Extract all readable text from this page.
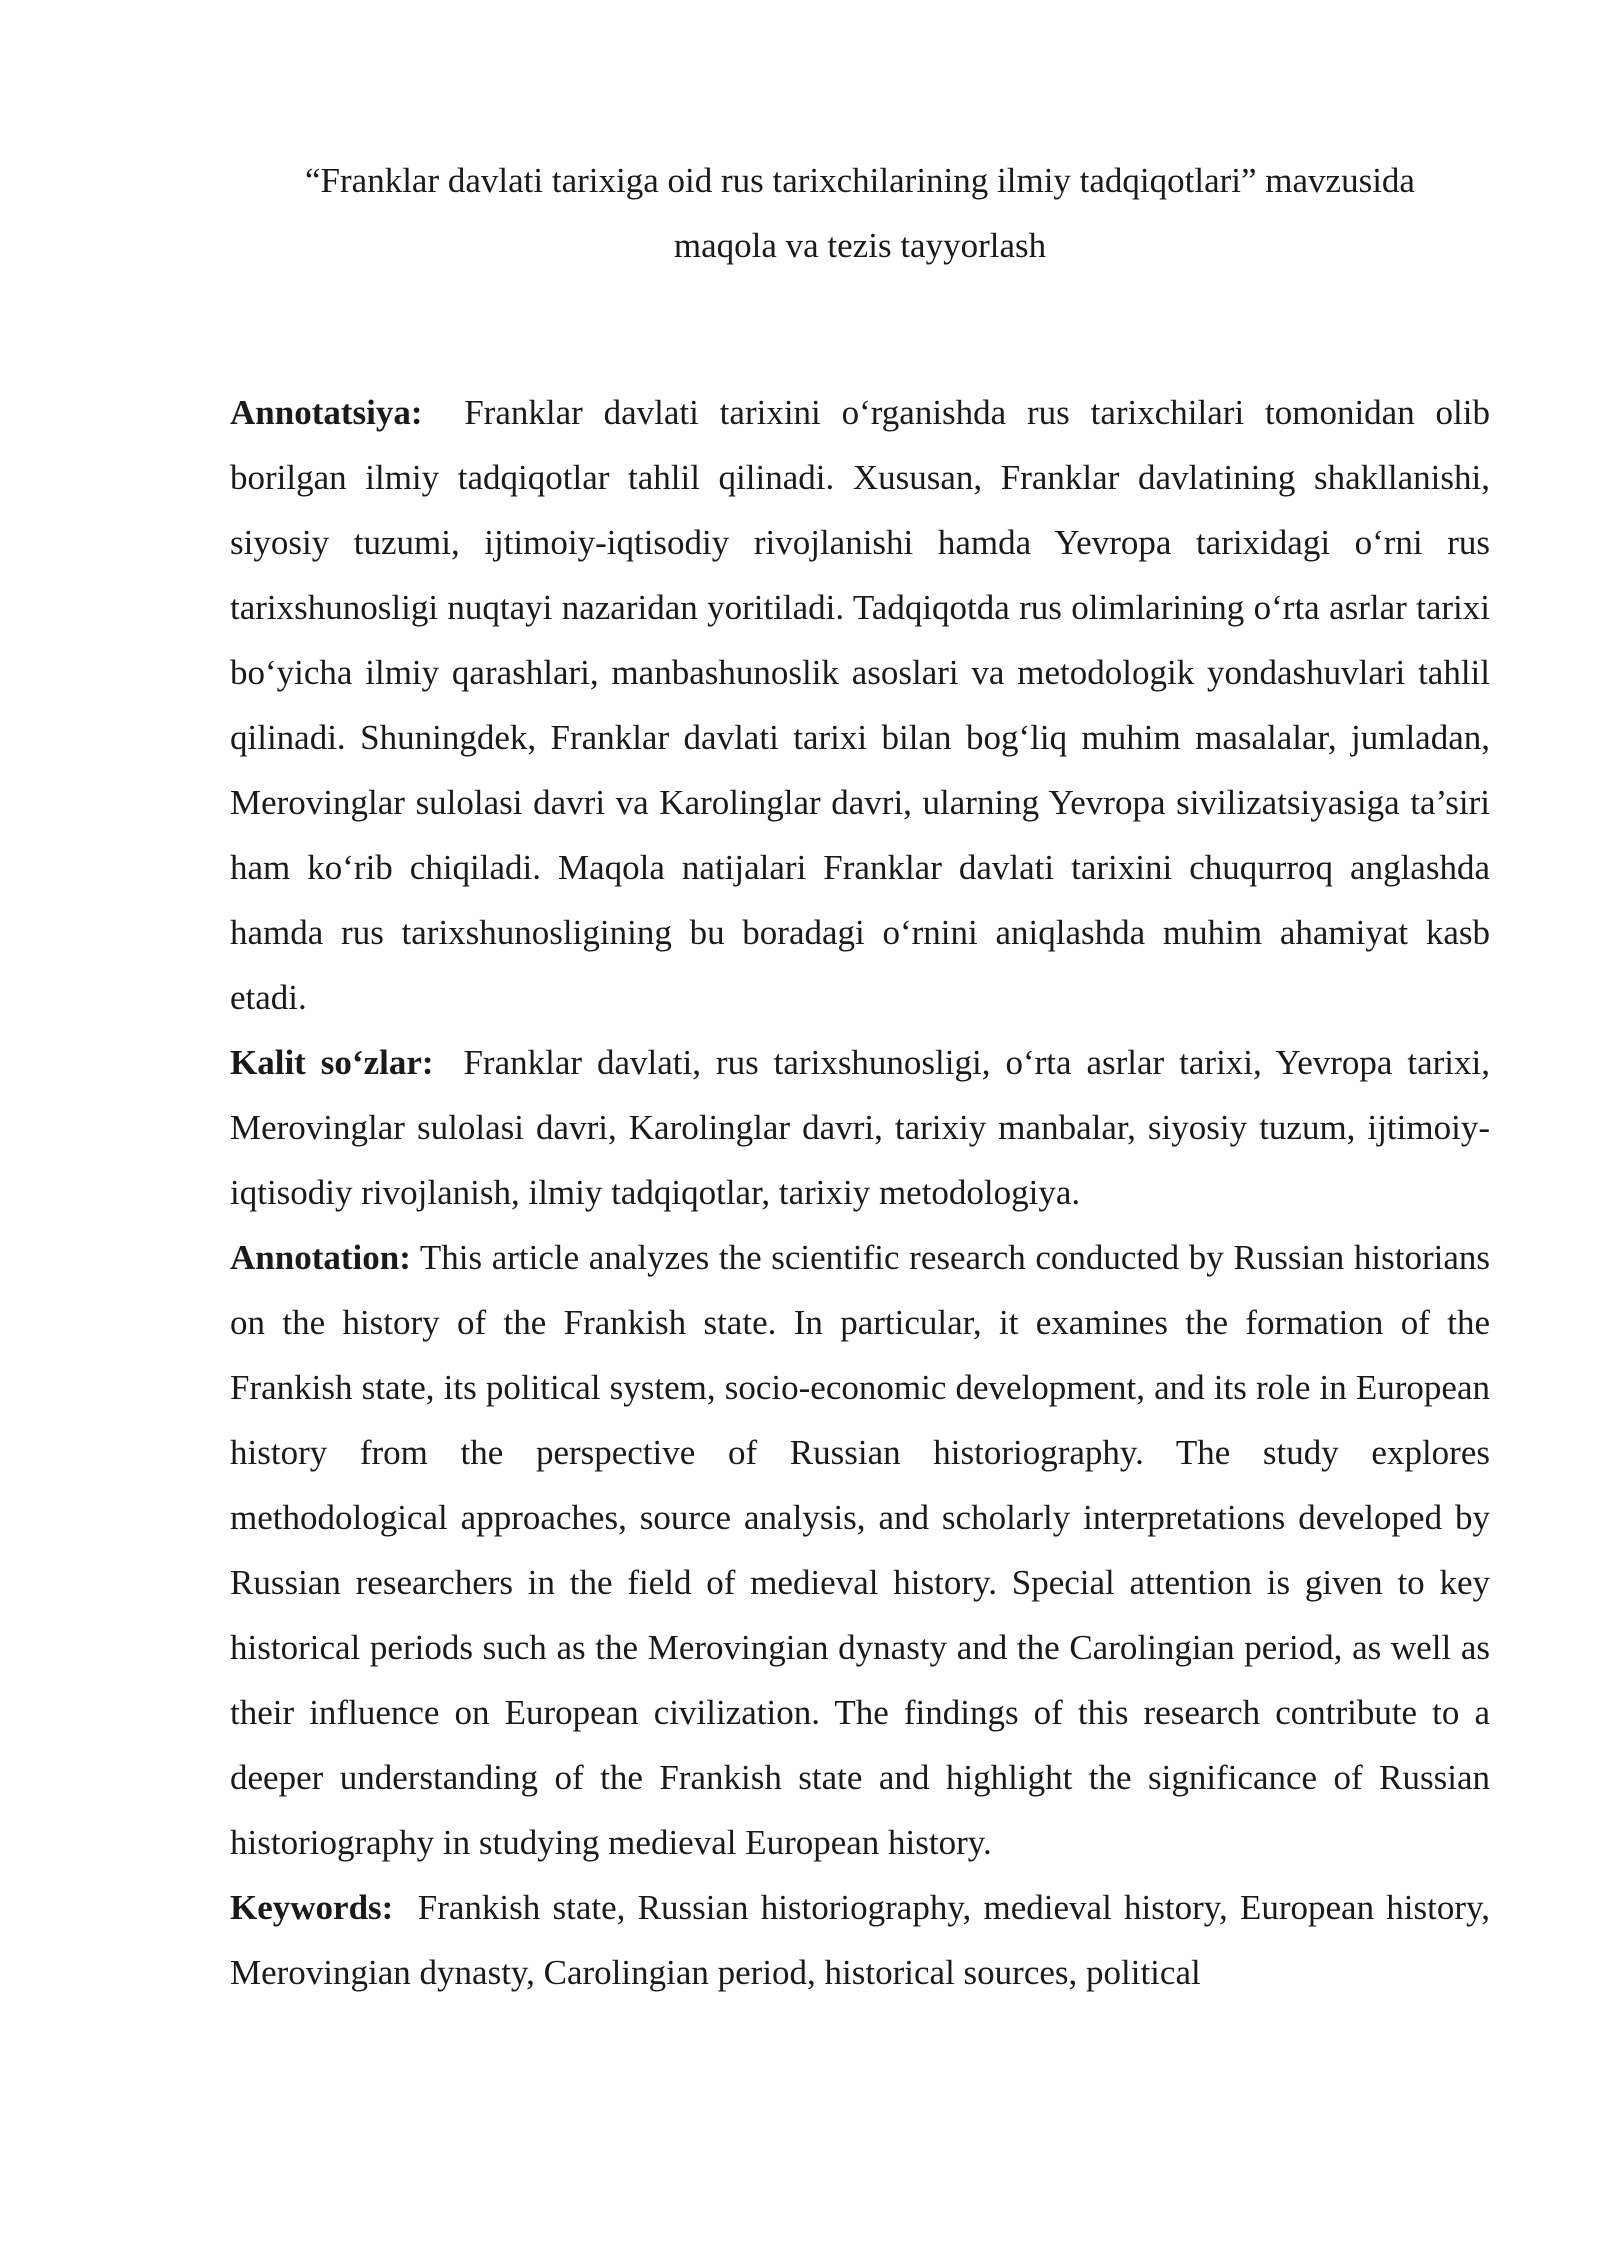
“Franklar davlati tarixiga oid rus tarixchilarining ilmiy tadqiqotlari” mavzusida
maqola va tezis tayyorlash

Annotatsiya: Franklar davlati tarixini o‘rganishda rus tarixchilari tomonidan olib borilgan ilmiy tadqiqotlar tahlil qilinadi. Xususan, Franklar davlatining shakllanishi, siyosiy tuzumi, ijtimoiy-iqtisodiy rivojlanishi hamda Yevropa tarixidagi o‘rni rus tarixshunosligi nuqtayi nazaridan yoritiladi. Tadqiqotda rus olimlarining o‘rta asrlar tarixi bo‘yicha ilmiy qarashlari, manbashunoslik asoslari va metodologik yondashuvlari tahlil qilinadi. Shuningdek, Franklar davlati tarixi bilan bog‘liq muhim masalalar, jumladan, Merovinglar sulolasi davri va Karolinglar davri, ularning Yevropa sivilizatsiyasiga ta’siri ham ko‘rib chiqiladi. Maqola natijalari Franklar davlati tarixini chuqurroq anglashda hamda rus tarixshunosligining bu boradagi o‘rnini aniqlashda muhim ahamiyat kasb etadi.

Kalit so‘zlar: Franklar davlati, rus tarixshunosligi, o‘rta asrlar tarixi, Yevropa tarixi, Merovinglar sulolasi davri, Karolinglar davri, tarixiy manbalar, siyosiy tuzum, ijtimoiy-iqtisodiy rivojlanish, ilmiy tadqiqotlar, tarixiy metodologiya.

Annotation: This article analyzes the scientific research conducted by Russian historians on the history of the Frankish state. In particular, it examines the formation of the Frankish state, its political system, socio-economic development, and its role in European history from the perspective of Russian historiography. The study explores methodological approaches, source analysis, and scholarly interpretations developed by Russian researchers in the field of medieval history. Special attention is given to key historical periods such as the Merovingian dynasty and the Carolingian period, as well as their influence on European civilization. The findings of this research contribute to a deeper understanding of the Frankish state and highlight the significance of Russian historiography in studying medieval European history.

Keywords: Frankish state, Russian historiography, medieval history, European history, Merovingian dynasty, Carolingian period, historical sources, political
